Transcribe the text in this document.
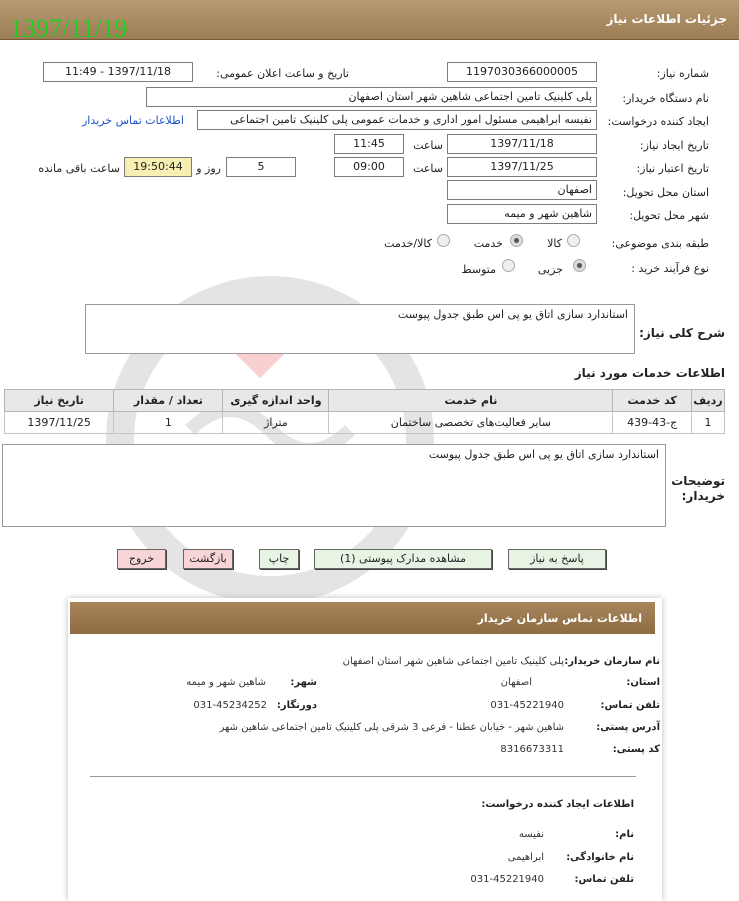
جزئیات اطلاعات نیاز
1397/11/19
شماره نیاز:
1197030366000005
تاریخ و ساعت اعلان عمومی:
1397/11/18 - 11:49
نام دستگاه خریدار:
پلی کلینیک تامین اجتماعی شاهین شهر استان اصفهان
ایجاد کننده درخواست:
نفیسه ابراهیمی مسئول امور اداری و خدمات عمومی پلی کلینیک تامین اجتماعی
اطلاعات تماس خریدار
تاریخ ایجاد نیاز:
1397/11/18
ساعت
11:45
تاریخ اعتبار نیاز:
1397/11/25
ساعت
09:00
5
روز و
19:50:44
ساعت باقی مانده
استان محل تحویل:
اصفهان
شهر محل تحویل:
شاهین شهر و میمه
طبقه بندی موضوعی:
کالا
خدمت
کالا/خدمت
نوع فرآیند خرید :
جزیی
متوسط
شرح کلی نیاز:
استاندارد سازی اتاق یو پی اس طبق جدول پیوست
اطلاعات خدمات مورد نیاز
ردیف	کد خدمت	نام خدمت	واحد اندازه گیری	تعداد / مقدار	تاریخ نیاز
1	ج-43-439	سایر فعالیت‌های تخصصی ساختمان	متراژ	1	1397/11/25
توضیحات
خریدار:
استاندارد سازی اتاق یو پی اس طبق جدول پیوست
پاسخ به نیاز
مشاهده مدارک پیوستی (1)
چاپ
بازگشت
خروج
اطلاعات تماس سازمان خریدار
نام سازمان خریدار:
پلی کلینیک تامین اجتماعی شاهین شهر استان اصفهان
استان:
اصفهان
شهر:
شاهین شهر و میمه
تلفن تماس:
031-45221940
دورنگار:
031-45234252
آدرس پستی:
شاهین شهر - خیابان عطنا - فرعی 3 شرقی پلی کلینیک تامین اجتماعی شاهین شهر
کد پستی:
8316673311
اطلاعات ایجاد کننده درخواست:
نام:
نفیسه
نام خانوادگی:
ابراهیمی
تلفن تماس:
031-45221940
